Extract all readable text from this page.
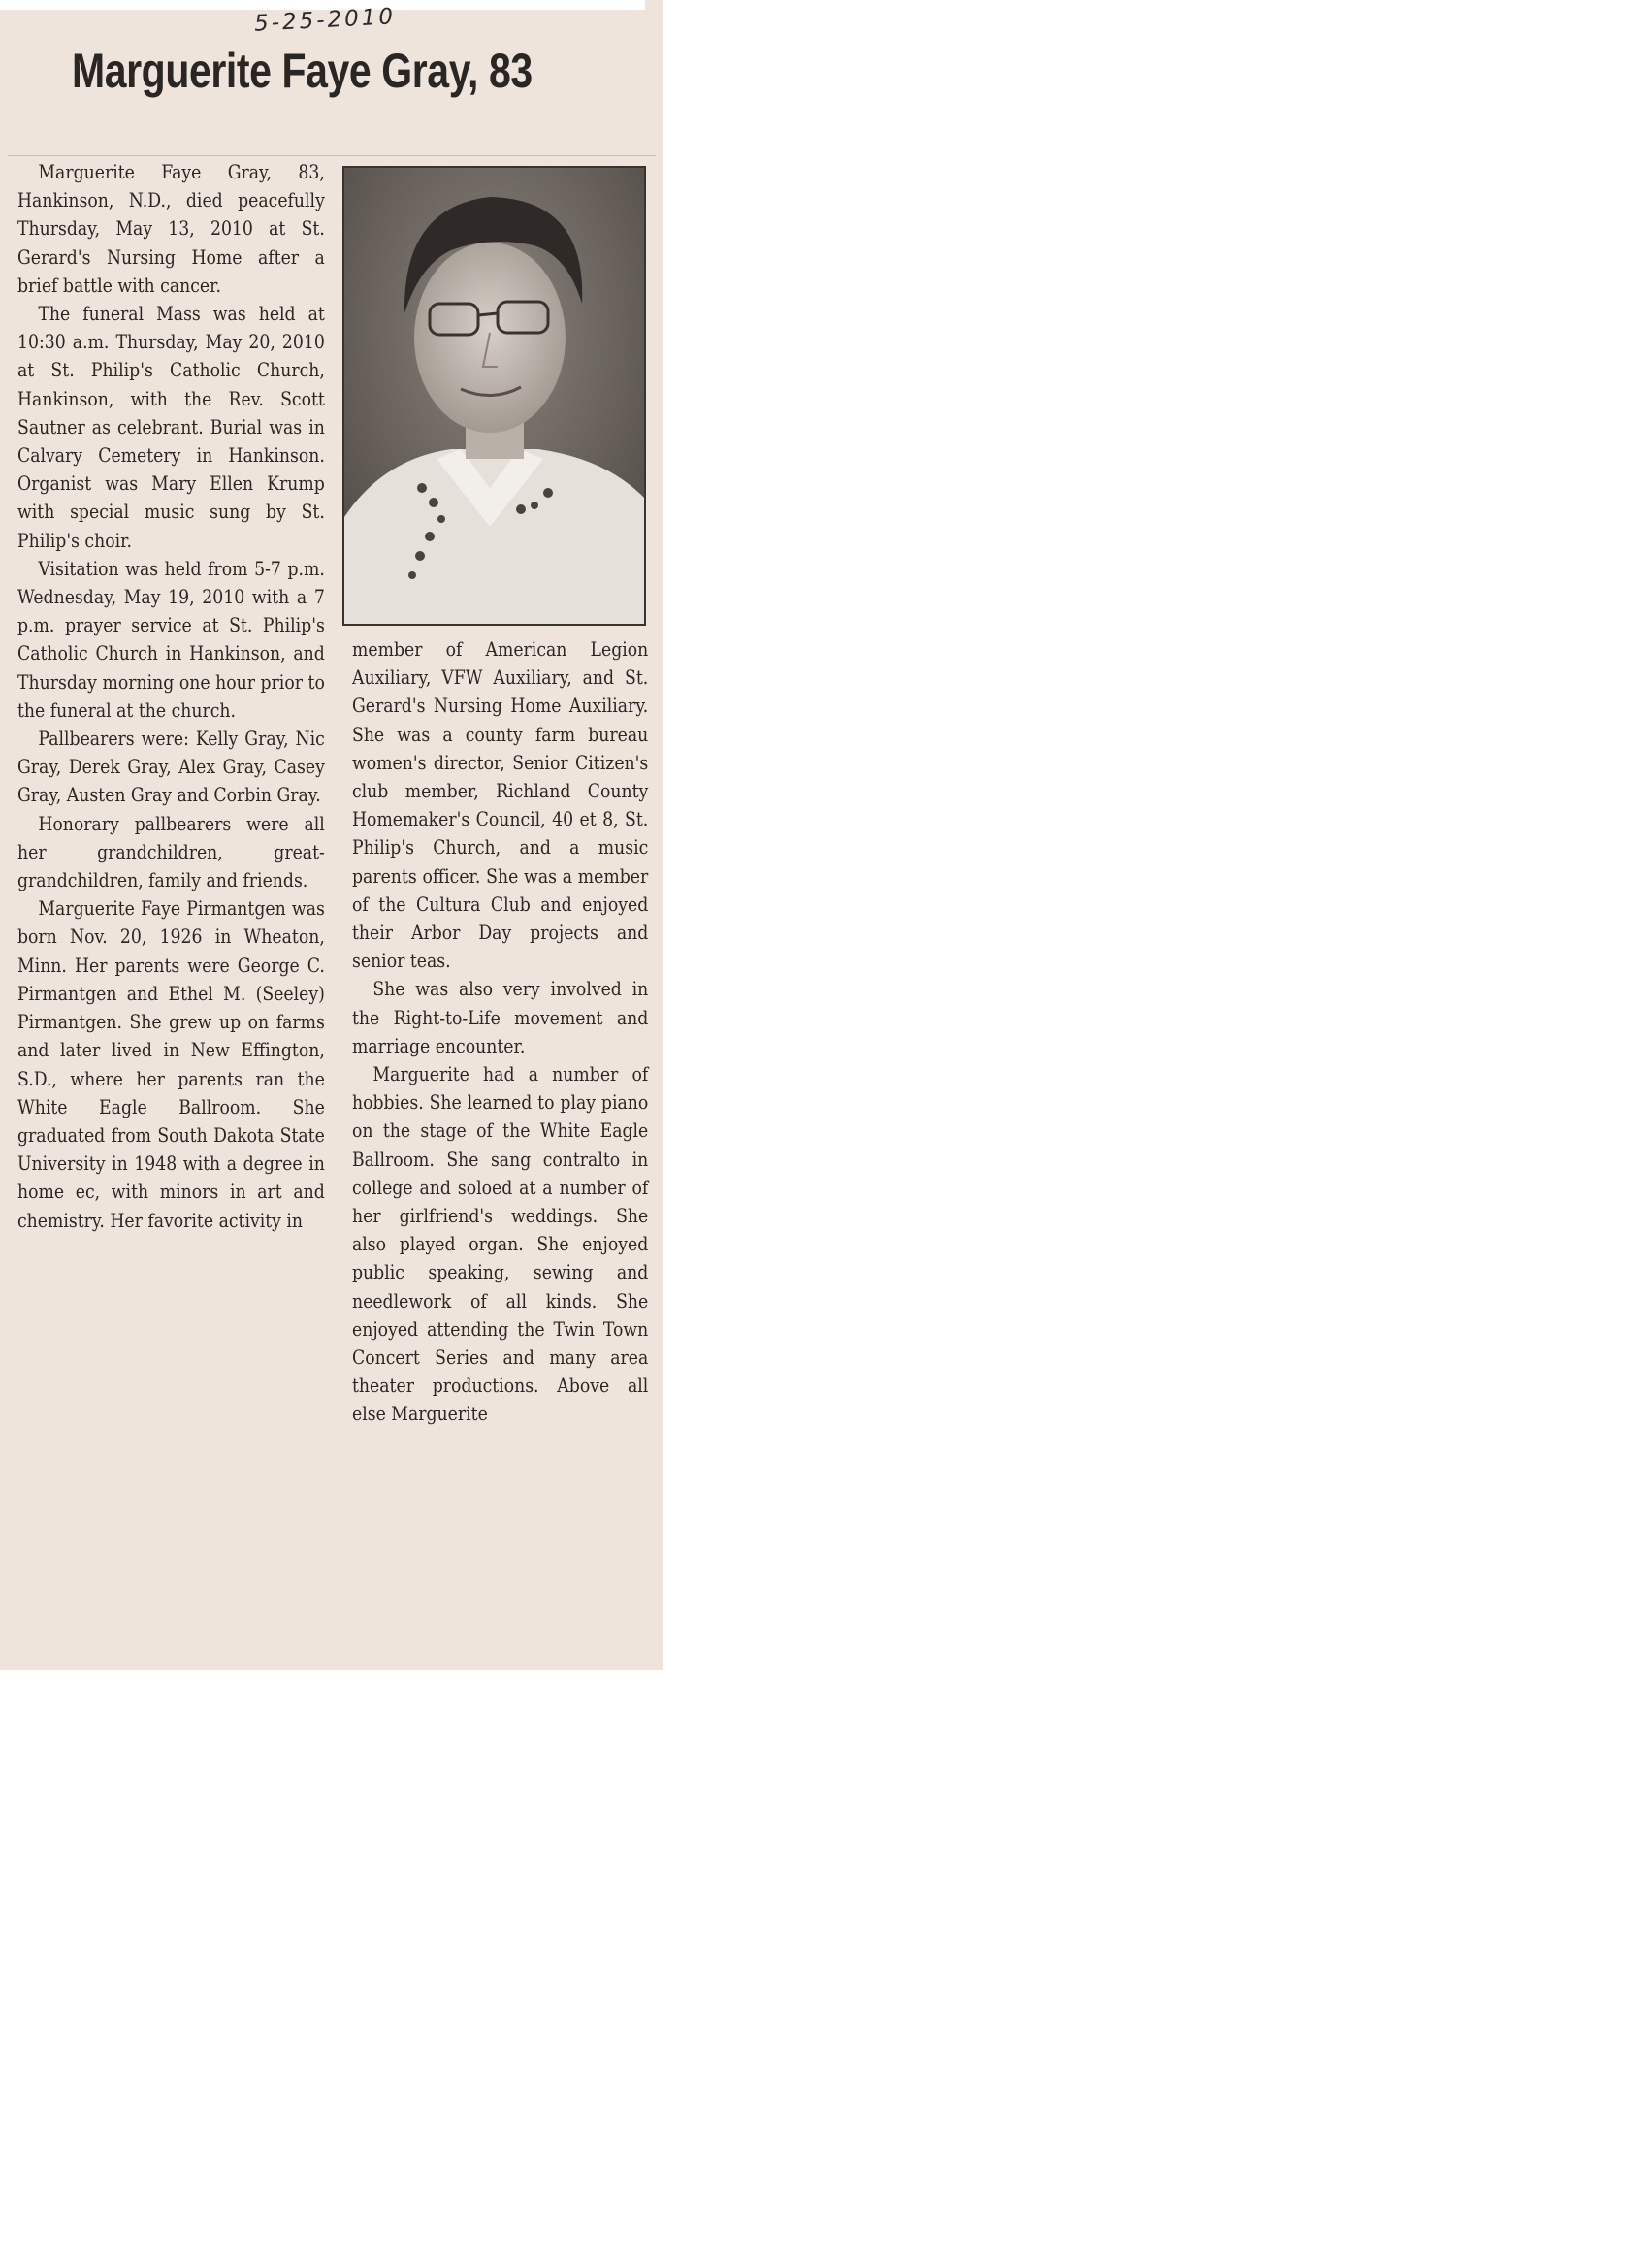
5-25-2010
Marguerite Faye Gray, 83

Marguerite Faye Gray, 83, Hankinson, N.D., died peacefully Thursday, May 13, 2010 at St. Gerard's Nursing Home after a brief battle with cancer.

The funeral Mass was held at 10:30 a.m. Thursday, May 20, 2010 at St. Philip's Catholic Church, Hankinson, with the Rev. Scott Sautner as celebrant. Burial was in Calvary Cemetery in Hankinson. Organist was Mary Ellen Krump with special music sung by St. Philip's choir.

Visitation was held from 5-7 p.m. Wednesday, May 19, 2010 with a 7 p.m. prayer service at St. Philip's Catholic Church in Hankinson, and Thursday morning one hour prior to the funeral at the church.

Pallbearers were: Kelly Gray, Nic Gray, Derek Gray, Alex Gray, Casey Gray, Austen Gray and Corbin Gray.

Honorary pallbearers were all her grandchildren, great-grandchildren, family and friends.

Marguerite Faye Pirmantgen was born Nov. 20, 1926 in Wheaton, Minn. Her parents were George C. Pirmantgen and Ethel M. (Seeley) Pirmantgen. She grew up on farms and later lived in New Effington, S.D., where her parents ran the White Eagle Ballroom. She graduated from South Dakota State University in 1948 with a degree in home ec, with minors in art and chemistry. Her favorite activity in

member of American Legion Auxiliary, VFW Auxiliary, and St. Gerard's Nursing Home Auxiliary. She was a county farm bureau women's director, Senior Citizen's club member, Richland County Homemaker's Council, 40 et 8, St. Philip's Church, and a music parents officer. She was a member of the Cultura Club and enjoyed their Arbor Day projects and senior teas.

She was also very involved in the Right-to-Life movement and marriage encounter.

Marguerite had a number of hobbies. She learned to play piano on the stage of the White Eagle Ballroom. She sang contralto in college and soloed at a number of her girlfriend's weddings. She also played organ. She enjoyed public speaking, sewing and needlework of all kinds. She enjoyed attending the Twin Town Concert Series and many area theater productions. Above all else Marguerite
